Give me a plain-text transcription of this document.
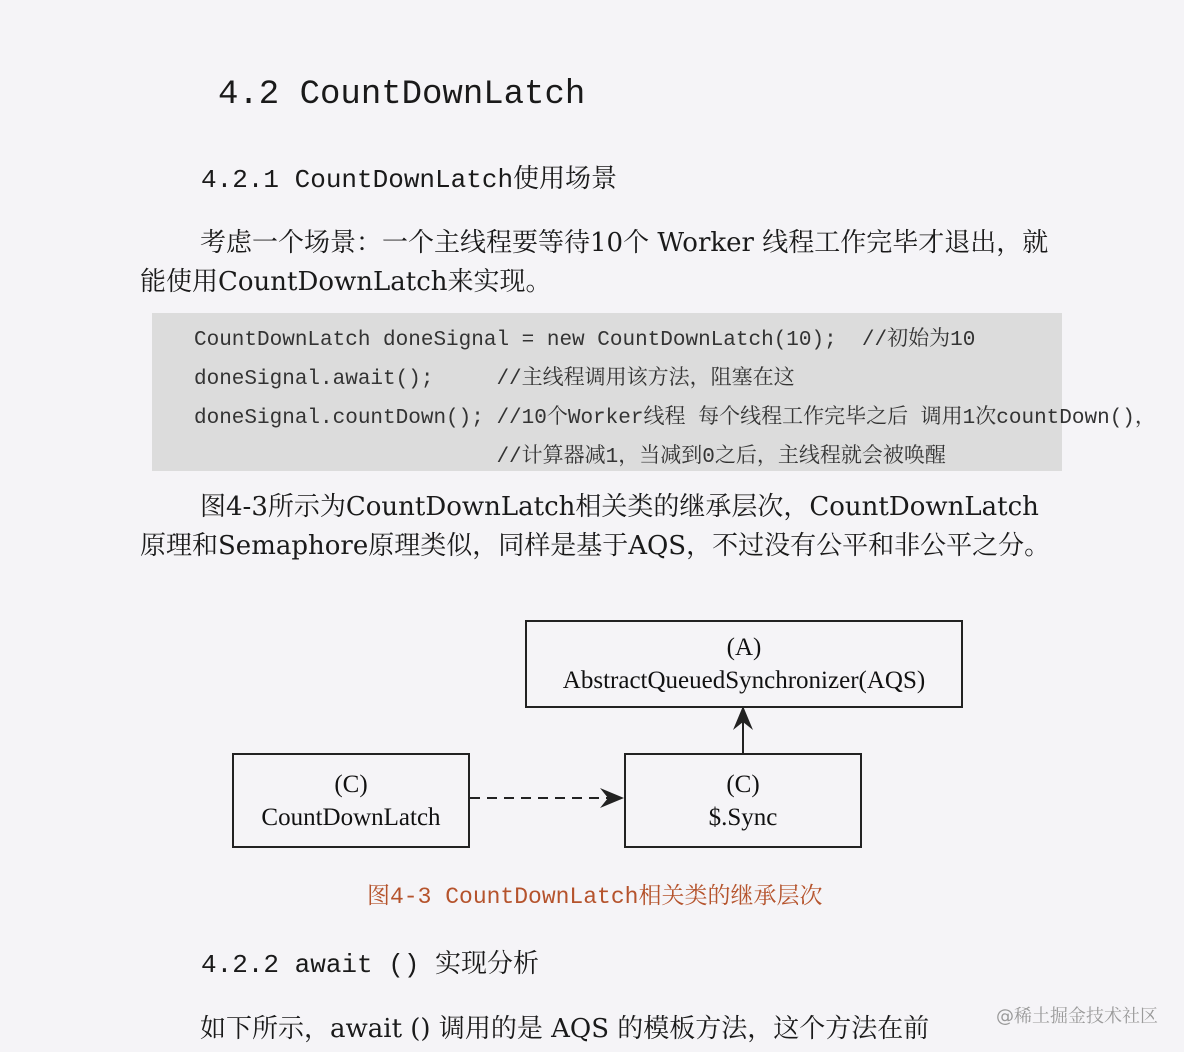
4.2 CountDownLatch
4.2.1 CountDownLatch使用场景
考虑一个场景：一个主线程要等待10个 Worker 线程工作完毕才退出，就能使用CountDownLatch来实现。
CountDownLatch doneSignal = new CountDownLatch(10);  //初始为10
doneSignal.await();     //主线程调用该方法，阻塞在这
doneSignal.countDown(); //10个Worker线程 每个线程工作完毕之后 调用1次countDown()，
//计算器减1，当减到0之后，主线程就会被唤醒
图4-3所示为CountDownLatch相关类的继承层次，CountDownLatch原理和Semaphore原理类似，同样是基于AQS，不过没有公平和非公平之分。
(A)
AbstractQueuedSynchronizer(AQS)
(C)
CountDownLatch
(C)
$.Sync
图4-3 CountDownLatch相关类的继承层次
4.2.2 await () 实现分析
如下所示，await () 调用的是 AQS 的模板方法，这个方法在前	@稀土掘金技术社区
